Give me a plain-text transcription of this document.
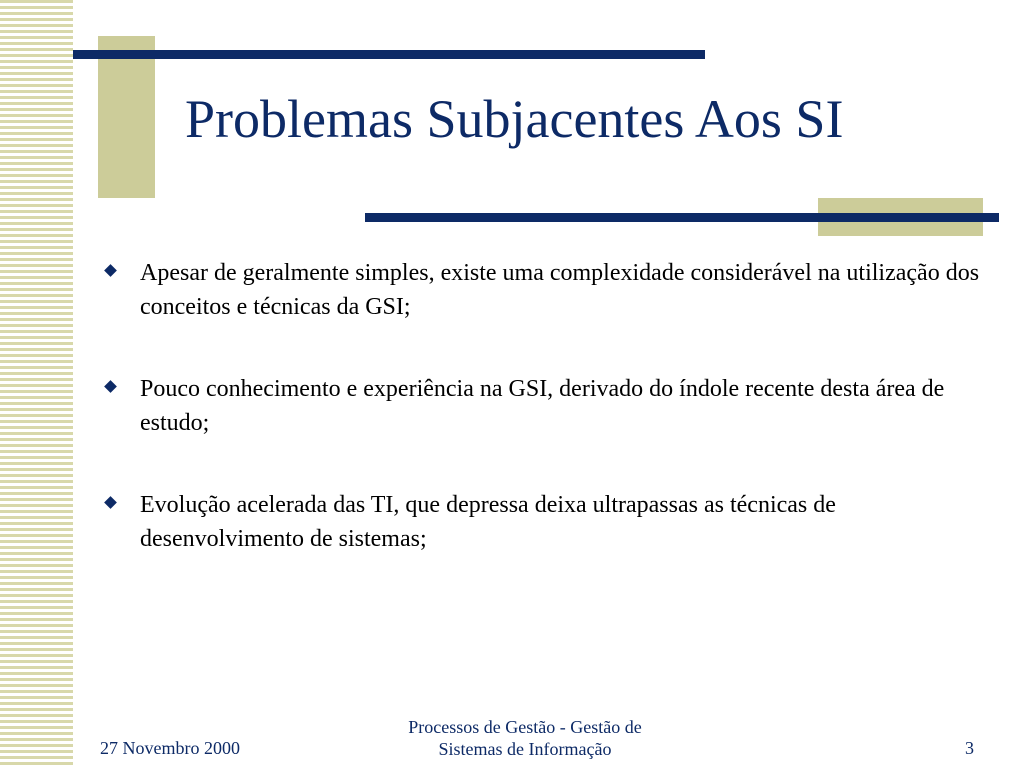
Problemas Subjacentes Aos SI
Apesar de geralmente simples, existe uma complexidade considerável na utilização dos conceitos e técnicas da GSI;
Pouco conhecimento e experiência na GSI, derivado do índole recente desta área de estudo;
Evolução acelerada das TI, que depressa deixa ultrapassas as técnicas de desenvolvimento de sistemas;
27 Novembro 2000
Processos de Gestão - Gestão de
Sistemas de Informação	3
